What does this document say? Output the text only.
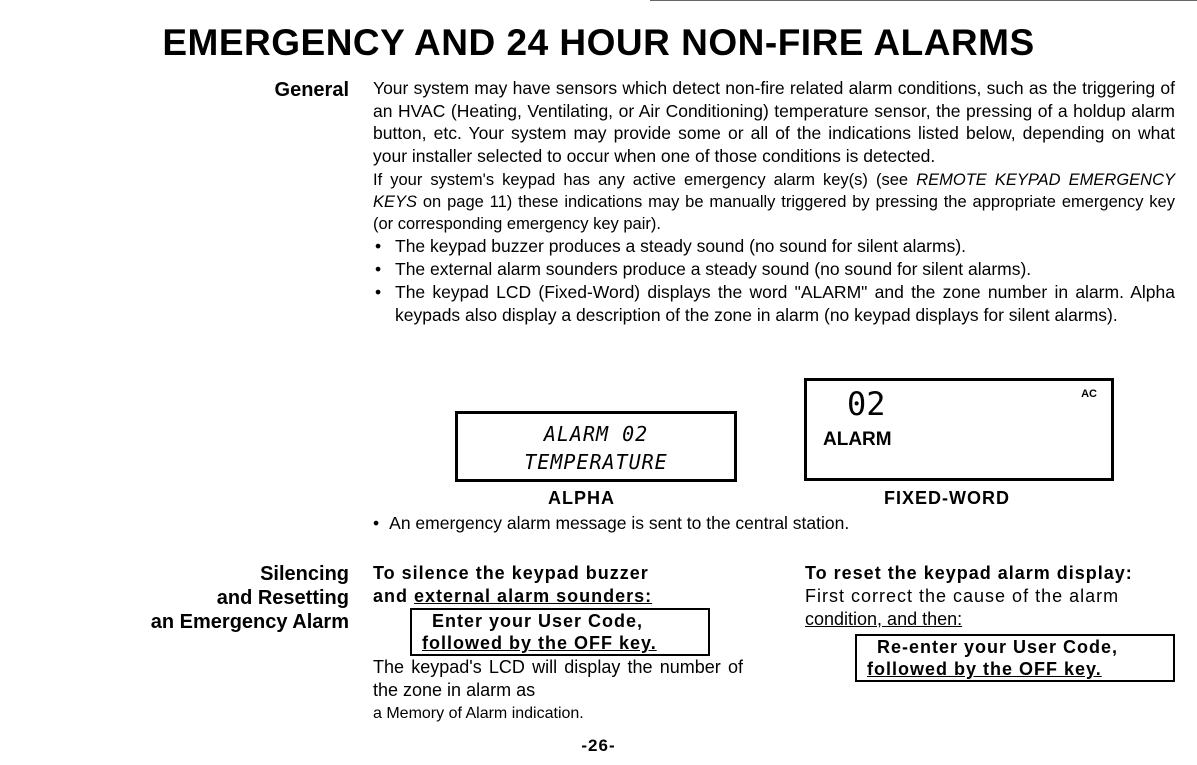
EMERGENCY AND 24 HOUR NON-FIRE ALARMS
General Your system may have sensors which detect non-fire related alarm conditions, such as the triggering of an HVAC (Heating, Ventilating, or Air Conditioning) temperature sensor, the pressing of a holdup alarm button, etc. Your system may provide some or all of the indications listed below, depending on what your installer selected to occur when one of those conditions is detected.

If your system's keypad has any active emergency alarm key(s) (see REMOTE KEYPAD EMERGENCY KEYS on page 11) these indications may be manually triggered by pressing the appropriate emergency key (or corresponding emergency key pair).

• The keypad buzzer produces a steady sound (no sound for silent alarms).
• The external alarm sounders produce a steady sound (no sound for silent alarms).
• The keypad LCD (Fixed-Word) displays the word "ALARM" and the zone number in alarm. Alpha keypads also display a description of the zone in alarm (no keypad displays for silent alarms).
ALARM 02
TEMPERATURE

ALPHA

02
ALARM
AC

FIXED-WORD

• An emergency alarm message is sent to the central station.

Silencing
and Resetting
an Emergency Alarm

To silence the keypad buzzer

and external alarm sounders:

Enter your User Code,
followed by the OFF key.

The keypad's LCD will display the number of the zone in alarm as

a Memory of Alarm indication.

To reset the keypad alarm display:

First correct the cause of the alarm

condition, and then:

Re-enter your User Code,
followed by the OFF key.

-26-
